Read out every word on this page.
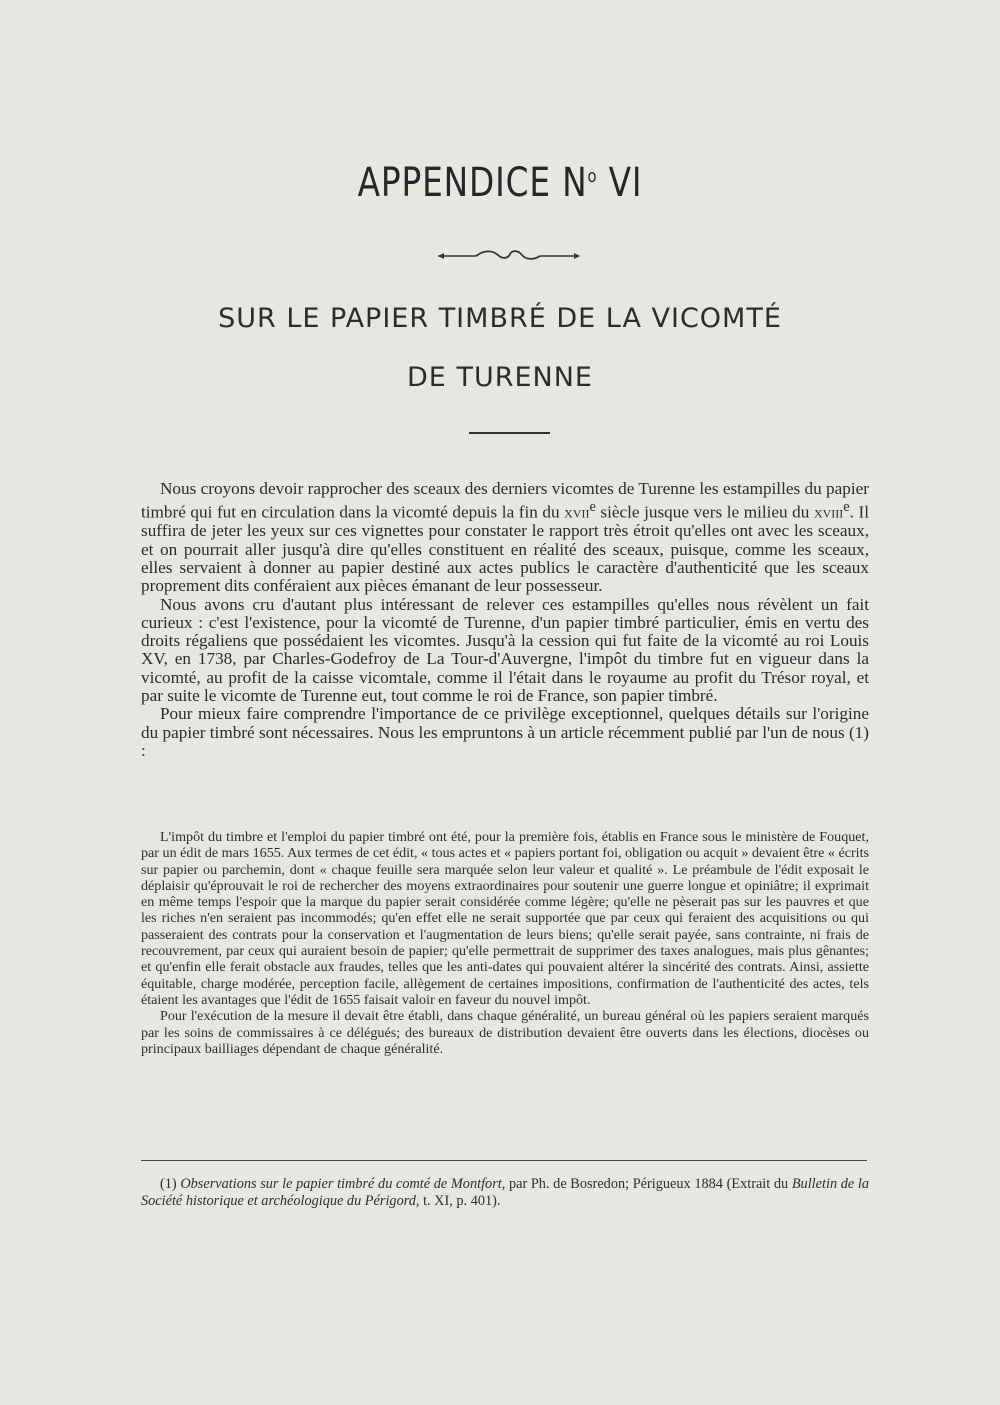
APPENDICE $N^o$ VI
SUR LE PAPIER TIMBRÉ DE LA VICOMTÉ
DE TURENNE

Nous croyons devoir rapprocher des sceaux des derniers vicomtes de Turenne les estampilles du papier timbré qui fut en circulation dans la vicomté depuis la fin du xvii$^e$ siècle jusque vers le milieu du xviii$^e$. Il suffira de jeter les yeux sur ces vignettes pour constater le rapport très étroit qu'elles ont avec les sceaux, et on pourrait aller jusqu'à dire qu'elles constituent en réalité des sceaux, puisque, comme les sceaux, elles servaient à donner au papier destiné aux actes publics le caractère d'authenticité que les sceaux proprement dits conféraient aux pièces émanant de leur possesseur.

Nous avons cru d'autant plus intéressant de relever ces estampilles qu'elles nous révèlent un fait curieux : c'est l'existence, pour la vicomté de Turenne, d'un papier timbré particulier, émis en vertu des droits régaliens que possédaient les vicomtes. Jusqu'à la cession qui fut faite de la vicomté au roi Louis XV, en 1738, par Charles-Godefroy de La Tour-d'Auvergne, l'impôt du timbre fut en vigueur dans la vicomté, au profit de la caisse vicomtale, comme il l'était dans le royaume au profit du Trésor royal, et par suite le vicomte de Turenne eut, tout comme le roi de France, son papier timbré.

Pour mieux faire comprendre l'importance de ce privilège exceptionnel, quelques détails sur l'origine du papier timbré sont nécessaires. Nous les empruntons à un article récemment publié par l'un de nous (1) :

L'impôt du timbre et l'emploi du papier timbré ont été, pour la première fois, établis en France sous le ministère de Fouquet, par un édit de mars 1655. Aux termes de cet édit, « tous actes et « papiers portant foi, obligation ou acquit » devaient être « écrits sur papier ou parchemin, dont « chaque feuille sera marquée selon leur valeur et qualité ». Le préambule de l'édit exposait le déplaisir qu'éprouvait le roi de rechercher des moyens extraordinaires pour soutenir une guerre longue et opiniâtre; il exprimait en même temps l'espoir que la marque du papier serait considérée comme légère; qu'elle ne pèserait pas sur les pauvres et que les riches n'en seraient pas incommodés; qu'en effet elle ne serait supportée que par ceux qui feraient des acquisitions ou qui passeraient des contrats pour la conservation et l'augmentation de leurs biens; qu'elle serait payée, sans contrainte, ni frais de recouvrement, par ceux qui auraient besoin de papier; qu'elle permettrait de supprimer des taxes analogues, mais plus gênantes; et qu'enfin elle ferait obstacle aux fraudes, telles que les anti-dates qui pouvaient altérer la sincérité des contrats. Ainsi, assiette équitable, charge modérée, perception facile, allègement de certaines impositions, confirmation de l'authenticité des actes, tels étaient les avantages que l'édit de 1655 faisait valoir en faveur du nouvel impôt.

Pour l'exécution de la mesure il devait être établi, dans chaque généralité, un bureau général où les papiers seraient marqués par les soins de commissaires à ce délégués; des bureaux de distribution devaient être ouverts dans les élections, diocèses ou principaux bailliages dépendant de chaque généralité.

(1) Observations sur le papier timbré du comté de Montfort, par Ph. de Bosredon; Périgueux 1884 (Extrait du Bulletin de la Société historique et archéologique du Périgord, t. XI, p. 401).
